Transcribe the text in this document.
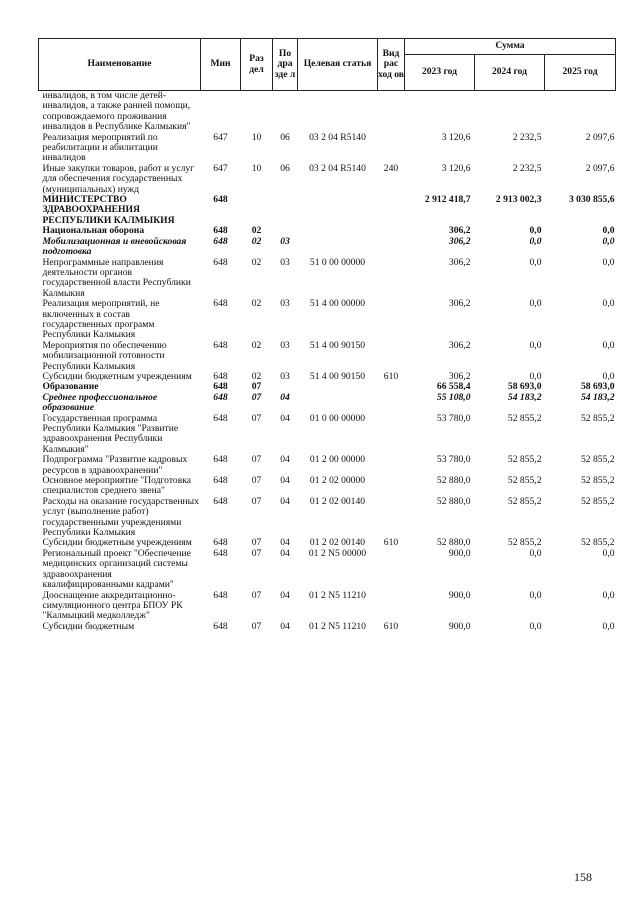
Наименование	Мин	Раз дел	По дра зде л	Целевая статья	Вид рас ход ов	Сумма		
						2023 год	2024 год	2025 год
инвалидов, в том числе детей-инвалидов, а также ранней помощи, сопровождаемого проживания инвалидов в Республике Калмыкия"								
Реализация мероприятий по реабилитации и абилитации инвалидов	647	10	06	03 2 04 R5140		3 120,6	2 232,5	2 097,6
Иные закупки товаров, работ и услуг для обеспечения государственных (муниципальных) нужд	647	10	06	03 2 04 R5140	240	3 120,6	2 232,5	2 097,6
МИНИСТЕРСТВО ЗДРАВООХРАНЕНИЯ РЕСПУБЛИКИ КАЛМЫКИЯ	648					2 912 418,7	2 913 002,3	3 030 855,6
Национальная оборона	648	02				306,2	0,0	0,0
Мобилизационная и вневойсковая подготовка	648	02	03			306,2	0,0	0,0
Непрограммные направления деятельности органов государственной власти Республики Калмыкия	648	02	03	51 0 00 00000		306,2	0,0	0,0
Реализация мероприятий, не включенных в состав государственных программ Республики Калмыкия	648	02	03	51 4 00 00000		306,2	0,0	0,0
Мероприятия по обеспечению мобилизационной готовности Республики Калмыкия	648	02	03	51 4 00 90150		306,2	0,0	0,0
Субсидии бюджетным учреждениям	648	02	03	51 4 00 90150	610	306,2	0,0	0,0
Образование	648	07				66 558,4	58 693,0	58 693,0
Среднее профессиональное образование	648	07	04			55 108,0	54 183,2	54 183,2
Государственная программа Республики Калмыкия "Развитие здравоохранения Республики Калмыкия"	648	07	04	01 0 00 00000		53 780,0	52 855,2	52 855,2
Подпрограмма "Развитие кадровых ресурсов в здравоохранении"	648	07	04	01 2 00 00000		53 780,0	52 855,2	52 855,2
Основное мероприятие "Подготовка специалистов среднего звена"	648	07	04	01 2 02 00000		52 880,0	52 855,2	52 855,2
Расходы на оказание государственных услуг (выполнение работ) государственными учреждениями Республики Калмыкия	648	07	04	01 2 02 00140		52 880,0	52 855,2	52 855,2
Субсидии бюджетным учреждениям	648	07	04	01 2 02 00140	610	52 880,0	52 855,2	52 855,2
Региональный проект "Обеспечение медицинских организаций системы здравоохранения квалифицированными кадрами"	648	07	04	01 2 N5 00000		900,0	0,0	0,0
Дооснащение аккредитационно-симуляционного центра БПОУ РК "Калмыцкий медколледж"	648	07	04	01 2 N5 11210		900,0	0,0	0,0
Субсидии бюджетным	648	07	04	01 2 N5 11210	610	900,0	0,0	0,0
158
